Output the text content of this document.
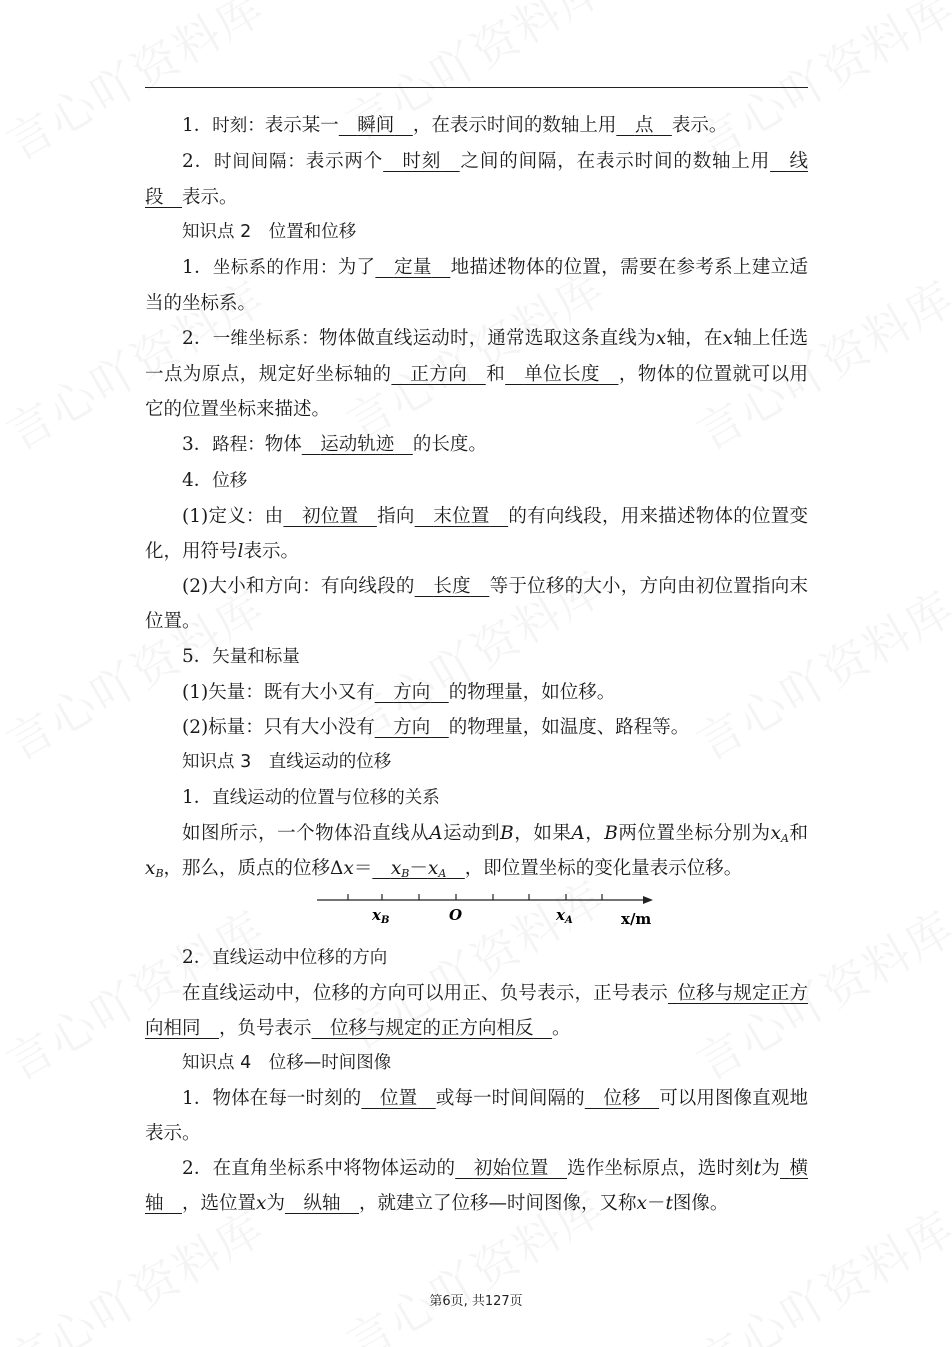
1．时刻：表示某一  瞬间  ，在表示时间的数轴上用  点  表示。

2．时间间隔：表示两个  时刻  之间的间隔，在表示时间的数轴上用  线段  表示。

知识点 2　位置和位移

1．坐标系的作用：为了  定量  地描述物体的位置，需要在参考系上建立适当的坐标系。

2．一维坐标系：物体做直线运动时，通常选取这条直线为x轴，在x轴上任选一点为原点，规定好坐标轴的  正方向  和  单位长度  ，物体的位置就可以用它的位置坐标来描述。

3．路程：物体  运动轨迹  的长度。

4．位移

(1)定义：由  初位置  指向  末位置  的有向线段，用来描述物体的位置变化，用符号l表示。

(2)大小和方向：有向线段的  长度  等于位移的大小，方向由初位置指向末位置。

5．矢量和标量

(1)矢量：既有大小又有  方向  的物理量，如位移。

(2)标量：只有大小没有  方向  的物理量，如温度、路程等。

知识点 3　直线运动的位移

1．直线运动的位置与位移的关系

如图所示，一个物体沿直线从A运动到B，如果A，B两位置坐标分别为$x_A$和$x_B$，那么，质点的位移Δx＝  $x_B-x_A$  ，即位置坐标的变化量表示位移。

$x_B$	O	$x_A$	x/m

2．直线运动中位移的方向

在直线运动中，位移的方向可以用正、负号表示，正号表示  位移与规定正方向相同  ，负号表示  位移与规定的正方向相反  。

知识点 4　位移—时间图像

1．物体在每一时刻的  位置  或每一时间间隔的  位移  可以用图像直观地表示。

2．在直角坐标系中将物体运动的  初始位置  选作坐标原点，选时刻t为  横轴  ，选位置x为  纵轴  ，就建立了位移—时间图像，又称x－t图像。

第6页, 共127页
